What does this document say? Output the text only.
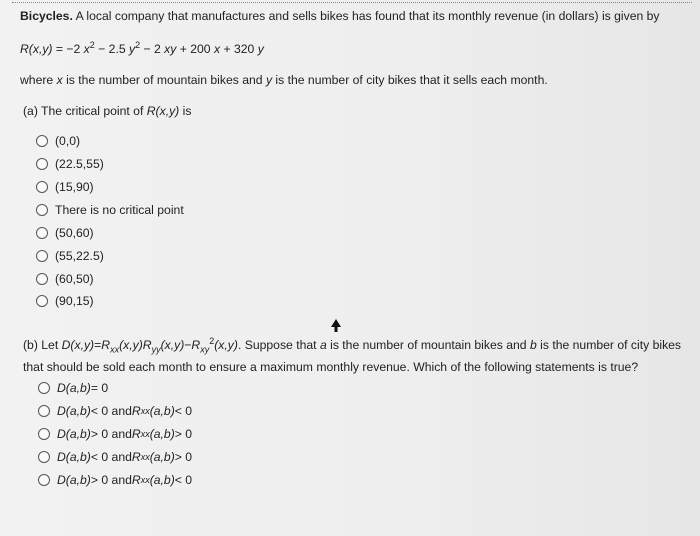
Bicycles. A local company that manufactures and sells bikes has found that its monthly revenue (in dollars) is given by
R(x,y) = −2 $x^2 - 2.5$ $y^2 - 2$ xy + 200 x + 320 y
where x is the number of mountain bikes and y is the number of city bikes that it sells each month.
(a) The critical point of R(x,y) is
(0,0)
(22.5,55)
(15,90)
There is no critical point
(50,60)
(55,22.5)
(60,50)
(90,15)
(b) Let $D(x,y)=R_{xx}(x,y)R_{yy}(x,y)-R_{xy}^2(x,y)$. Suppose that a is the number of mountain bikes and b is the number of city bikes
that should be sold each month to ensure a maximum monthly revenue. Which of the following statements is true?
D(a,b) = 0
D(a,b) < 0 and R xx (a,b) < 0
D(a,b) > 0 and R xx (a,b) > 0
D(a,b) < 0 and R xx (a,b) > 0
D(a,b) > 0 and R xx (a,b) < 0
